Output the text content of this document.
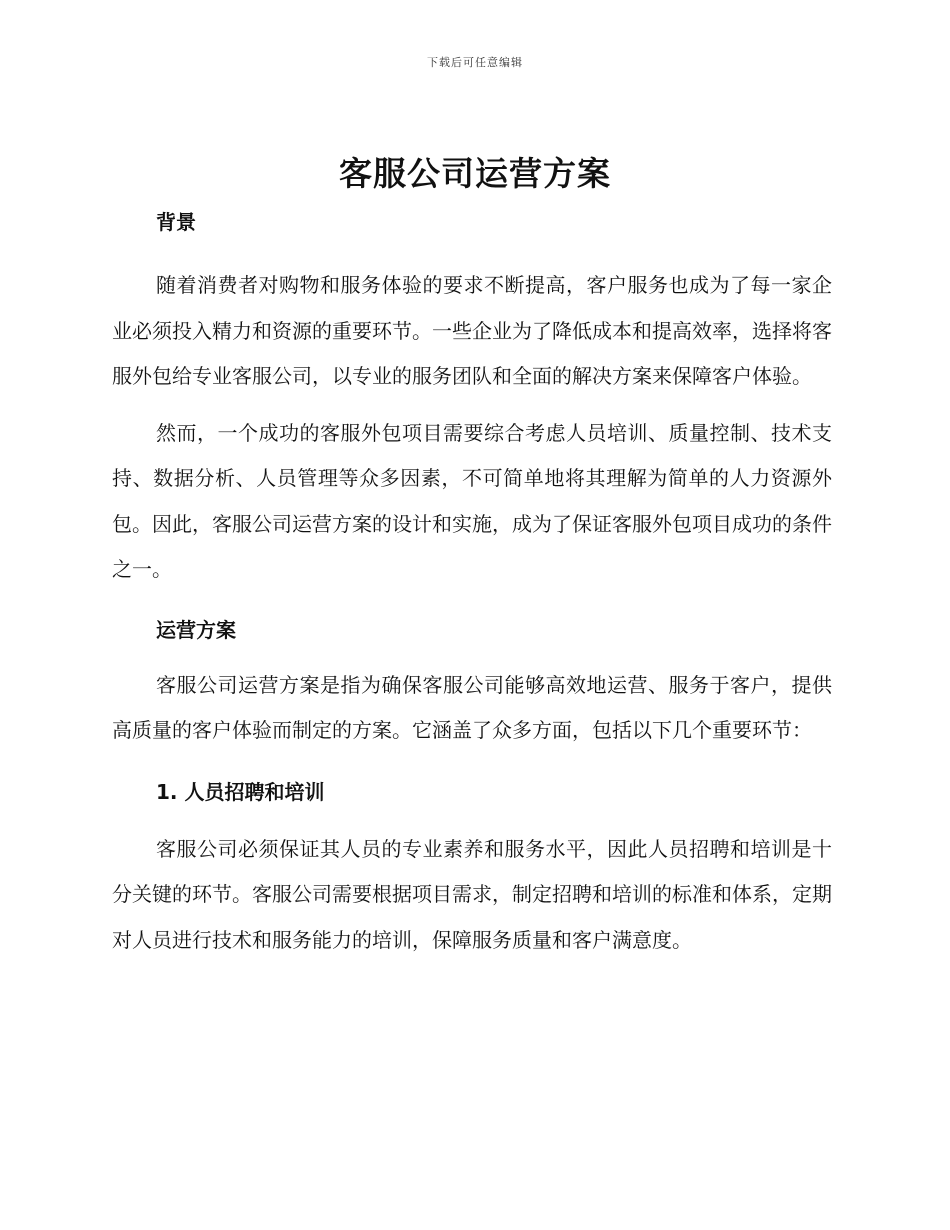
下载后可任意编辑
客服公司运营方案
背景

随着消费者对购物和服务体验的要求不断提高，客户服务也成为了每一家企业必须投入精力和资源的重要环节。一些企业为了降低成本和提高效率，选择将客服外包给专业客服公司，以专业的服务团队和全面的解决方案来保障客户体验。

然而，一个成功的客服外包项目需要综合考虑人员培训、质量控制、技术支持、数据分析、人员管理等众多因素，不可简单地将其理解为简单的人力资源外包。因此，客服公司运营方案的设计和实施，成为了保证客服外包项目成功的条件之一。

运营方案

客服公司运营方案是指为确保客服公司能够高效地运营、服务于客户，提供高质量的客户体验而制定的方案。它涵盖了众多方面，包括以下几个重要环节：

1. 人员招聘和培训

客服公司必须保证其人员的专业素养和服务水平，因此人员招聘和培训是十分关键的环节。客服公司需要根据项目需求，制定招聘和培训的标准和体系，定期对人员进行技术和服务能力的培训，保障服务质量和客户满意度。
